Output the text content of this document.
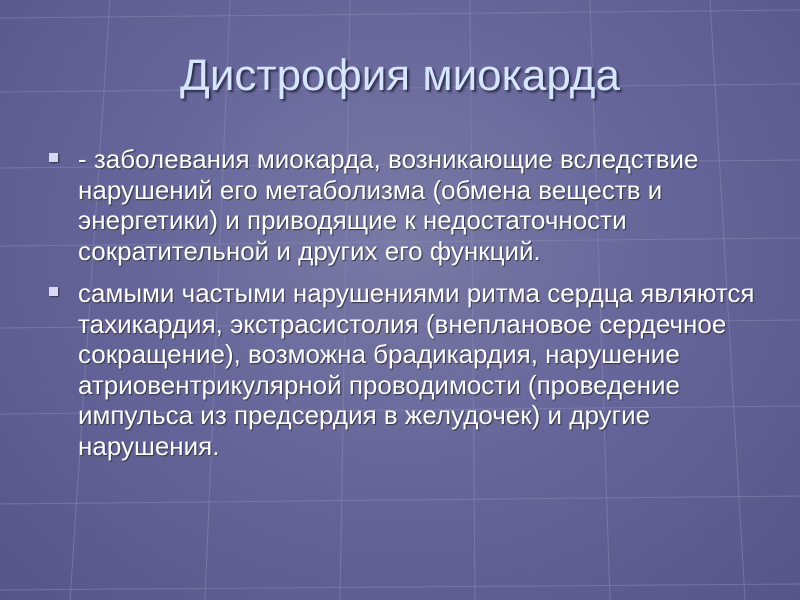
Дистрофия миокарда
- заболевания миокарда, возникающие вследствие нарушений его метаболизма (обмена веществ и энергетики) и приводящие к недостаточности сократительной и других его функций.
самыми частыми нарушениями ритма сердца являются тахикардия, экстрасистолия (внеплановое сердечное сокращение), возможна брадикардия, нарушение атриовентрикулярной проводимости (проведение импульса из предсердия в желудочек) и другие нарушения.
